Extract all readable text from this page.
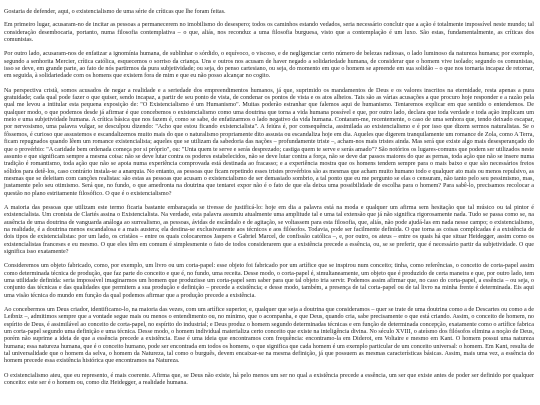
Gostaria de defender, aqui, o existencialismo de uma série de críticas que lhe foram feitas.

Em primeiro lugar, acusaram-no de incitar as pessoas a permanecerem no imobilismo do desespero; todos os caminhos estando vedados, seria necessário concluir que a ação é totalmente impossível neste mundo; tal consideração desembocaria, portanto, numa filosofia contemplativa – o que, aliás, nos reconduz a uma filosofia burguesa, visto que a contemplação é um luxo. São estas, fundamentalmente, as críticas dos comunistas.

Por outro lado, acusaram-nos de enfatizar a ignomínia humana, de sublinhar o sórdido, o equívoco, o viscoso, e de negligenciar certo número de belezas radiosas, o lado luminoso da natureza humana; por exemplo, segundo a senhorita Mercier, crítica católica, esquecemos o sorriso da criança. Uns e outros nos acusam de haver negado a solidariedade humana, de considerar que o homem vive isolado; segundo os comunistas, isso se deve, em grande parte, ao fato de nós partirmos da pura subjetividade; ou seja, do penso cartesiano, ou seja, do momento em que o homem se apreende em sua solidão – o que nos tornaria incapaz de retornar, em seguida, à solidariedade com os homens que existem fora de mim e que eu não posso alcançar no cogito.

Na perspectiva cristã, somos acusados de negar a realidade e a seriedade dos empreendimentos humanos, já que, suprimido os mandamentos de Deus e os valores inscritos na eternidade, resta apenas a pura gratuidade; cada qual pode fazer o que quiser, sendo incapaz, a partir de seu ponto de vista, de condenar os pontos de vista e os atos alheios. Tais são as várias acusações a que procuro hoje responder e a razão pela qual me levou a intitular esta pequena exposição de: "O Existencialismo é um Humanismo". Muitas poderão estranhar que falemos aqui de humanismo. Tentaremos explicar em que sentido o entendemos. De qualquer modo, o que podemos desde já afirmar é que concebemos o existencialismo como uma doutrina que torna a vida humana possível e que, por outro lado, declara que toda verdade e toda ação implicam um meio e uma subjetividade humana. A crítica básica que nos fazem é, como se sabe, de enfatizarmos o lado negativo da vida humana. Contaram-me, recentemente, o caso de uma senhora que, tendo deixado escapar, por nervosismo, uma palavra vulgar, se desculpou dizendo: "Acho que estou ficando existencialista". A feiúra é, por consequência, assimilada ao existencialismo e é por isso que dizem sermos naturalistas. Se o fôssemos, é curioso que assustemos e escandalizemos muito mais do que o naturalismo propriamente dito assusta ou escandaliza hoje em dia. Aqueles que digerem tranquilamente um romance de Zola, como A Terra, ficam repugnados quando lêem um romance existencialista; aqueles que se utilizam da sabedoria das nações – profundamente triste –, acham-nos mais tristes ainda. Mas será que existe algo mais desesperançado do que o provérbio: "A caridade bem ordenada começa por si próprio", ou: "Unta quem te serve e serás desprezado; castiga quem te serve e serás amado"? São notórios os lugares-comuns que podem ser utilizados neste assunto e que significam sempre a mesma coisa: não se deve lutar contra os poderes estabelecidos, não se deve lutar contra a força, não se deve dar passos maiores do que as pernas, toda ação que não se insere numa tradição é romantismo, toda ação que não se apoia numa experiência comprovada está destinada ao fracasso; e a experiência mostra que os homens tendem sempre para o mais baixo e que são necessários freios sólidos para detê-los, caso contrário instala-se a anarquia. No entanto, as pessoas que ficam repetindo esses tristes provérbios são as mesmas que acham muito humano todo e qualquer ato mais ou menos repulsivo, as mesmas que se deleitam com canções realistas: são estas as pessoas que acusam o existencialismo de ser demasiado sombrio, a tal ponto que eu me pergunto se elas o censuram, não tanto pelo seu pessimismo, mas, justamente pelo seu otimismo. Será que, no fundo, o que amedronta na doutrina que tentarei expor não é o fato de que ela deixa uma possibilidade de escolha para o homem? Para sabê-lo, precisamos recolocar a questão no plano estritamente filosófico. O que é o existencialismo?

A maioria das pessoas que utilizam este termo ficaria bastante embaraçada se tivesse de justificá-lo: hoje em dia a palavra está na moda e qualquer um afirma sem hesitação que tal músico ou tal pintor é existencialista. Um cronista de Clartés assina o Existencialista. Na verdade, esta palavra assumiu atualmente uma amplitude tal e uma tal extensão que já não significa rigorosamente nada. Tudo se passa como se, na ausência de uma doutrina de vanguarda análoga ao surrealismo, as pessoas, ávidas de escândalo e de agitação, se voltassem para esta filosofia, que, aliás, não pode ajudá-las em nada nesse campo; o existencialismo, na realidade, é a doutrina menos escandalosa e a mais austera; ela destina-se exclusivamente aos técnicos e aos filósofos. Todavia, pode ser facilmente definida. O que torna as coisas complicadas é a existência de dois tipos de existencialistas: por um lado, os cristãos – entre os quais colocaremos Jaspers e Gabriel Marcel, de confissão católica –, e, por outro, os ateus – entre os quais há que situar Heidegger, assim como os existencialistas franceses e eu mesmo. O que eles têm em comum é simplesmente o fato de todos considerarem que a existência precede a essência, ou, se se preferir, que é necessário partir da subjetividade. O que significa isso exatamente?

Consideremos um objeto fabricado, como, por exemplo, um livro ou um corta-papel: esse objeto foi fabricado por um artífice que se inspirou num conceito; tinha, como referências, o conceito de corta-papel assim como determinada técnica de produção, que faz parte do conceito e que é, no fundo, uma receita. Desse modo, o corta-papel é, simultaneamente, um objeto que é produzido de certa maneira e que, por outro lado, tem uma utilidade definida: seria impossível imaginarmos um homem que produzisse um corta-papel sem saber para que tal objeto iria servir. Podemos assim afirmar que, no caso do corta-papel, a essência – ou seja, o conjunto das técnicas e das qualidades que permitem a sua produção e definição – precede a existência; e desse modo, também, a presença de tal corta-papel ou de tal livro na minha frente é determinada. Eis aqui uma visão técnica do mundo em função da qual podemos afirmar que a produção precede a existência.

Ao concebermos um Deus criador, identificamo-lo, na maioria das vezes, com um artífice superior, e, qualquer que seja a doutrina que consideramos – quer se trate de uma doutrina como a de Descartes ou como a de Leibniz –, admitimos sempre que a vontade segue mais ou menos o entendimento ou, no mínimo, que o acompanha, e que Deus, quando cria, sabe precisamente o que está criando. Assim, o conceito de homem, no espírito de Deus, é assimilável ao conceito de corta-papel, no espírito do industrial; e Deus produz o homem segundo determinadas técnicas e em função de determinada concepção, exatamente como o artífice fabrica um corta-papel segundo uma definição e uma técnica. Desse modo, o homem individual materializa certo conceito que existe na inteligência divina. No século XVIII, o ateísmo dos filósofos elimina a noção de Deus, porém não suprime a ideia de que a essência precede a existência. Esse é uma ideia que encontramos com frequência: encontramo-la em Diderot, em Voltaire e mesmo em Kant. O homem possui uma natureza humana; essa natureza humana, que é o conceito humano, pode ser encontrada em todos os homens, o que significa que cada homem é um exemplo particular de um conceito universal: o homem. Em Kant, resulta de tal universalidade que o homem da selva, o homem da Natureza, tal como o burguês, devem encaixar-se na mesma definição, já que possuem as mesmas características básicas. Assim, mais uma vez, a essência do homem precede essa existência histórica que encontramos na Natureza.

O existencialismo ateu, que eu represento, é mais coerente. Afirma que, se Deus não existe, há pelo menos um ser no qual a existência precede a essência, um ser que existe antes de poder ser definido por qualquer conceito: este ser é o homem ou, como diz Heidegger, a realidade humana.
